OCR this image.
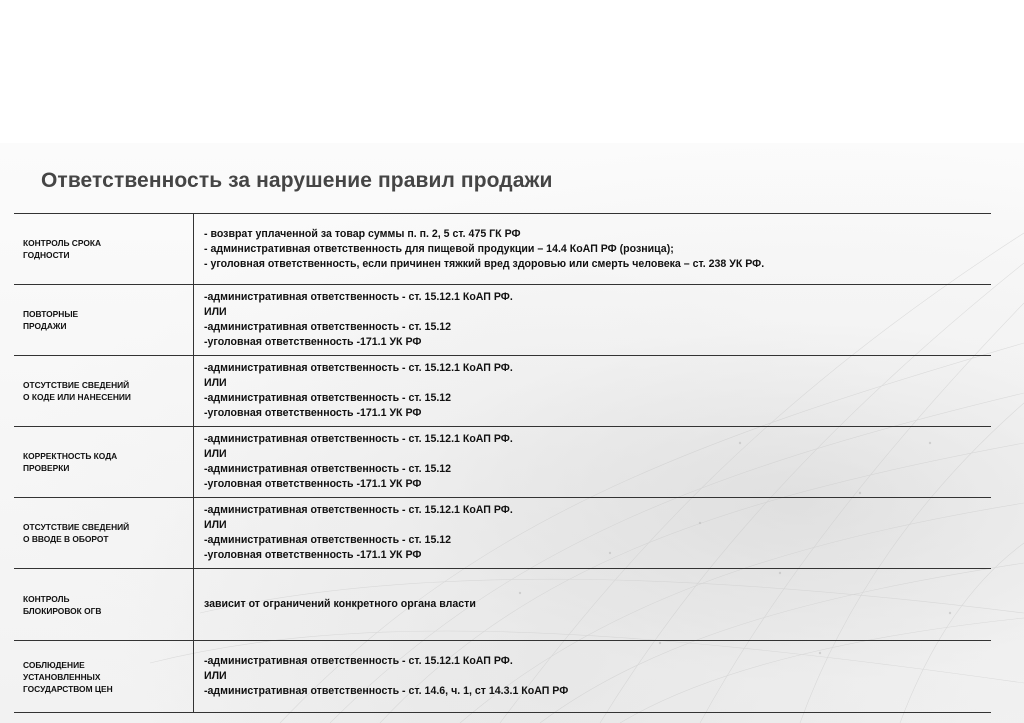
Ответственность за нарушение правил продажи
КОНТРОЛЬ СРОКА
ГОДНОСТИ	- возврат уплаченной за товар суммы п. п. 2, 5 ст. 475 ГК РФ
- административная ответственность для пищевой продукции – 14.4 КоАП РФ (розница);
- уголовная ответственность, если причинен тяжкий вред здоровью или смерть человека – ст. 238 УК РФ.

ПОВТОРНЫЕ
ПРОДАЖИ	-административная ответственность - ст. 15.12.1 КоАП РФ.
ИЛИ
-административная ответственность - ст. 15.12
-уголовная ответственность -171.1 УК РФ

ОТСУТСТВИЕ СВЕДЕНИЙ
О КОДЕ ИЛИ НАНЕСЕНИИ	-административная ответственность - ст. 15.12.1 КоАП РФ.
ИЛИ
-административная ответственность - ст. 15.12
-уголовная ответственность -171.1 УК РФ

КОРРЕКТНОСТЬ КОДА
ПРОВЕРКИ	-административная ответственность - ст. 15.12.1 КоАП РФ.
ИЛИ
-административная ответственность - ст. 15.12
-уголовная ответственность -171.1 УК РФ

ОТСУТСТВИЕ СВЕДЕНИЙ
О ВВОДЕ В ОБОРОТ	-административная ответственность - ст. 15.12.1 КоАП РФ.
ИЛИ
-административная ответственность - ст. 15.12
-уголовная ответственность -171.1 УК РФ

КОНТРОЛЬ
БЛОКИРОВОК ОГВ	зависит от ограничений конкретного органа власти

СОБЛЮДЕНИЕ
УСТАНОВЛЕННЫХ
ГОСУДАРСТВОМ ЦЕН	-административная ответственность - ст. 15.12.1 КоАП РФ.
ИЛИ
-административная ответственность - ст. 14.6, ч. 1, ст 14.3.1 КоАП РФ
